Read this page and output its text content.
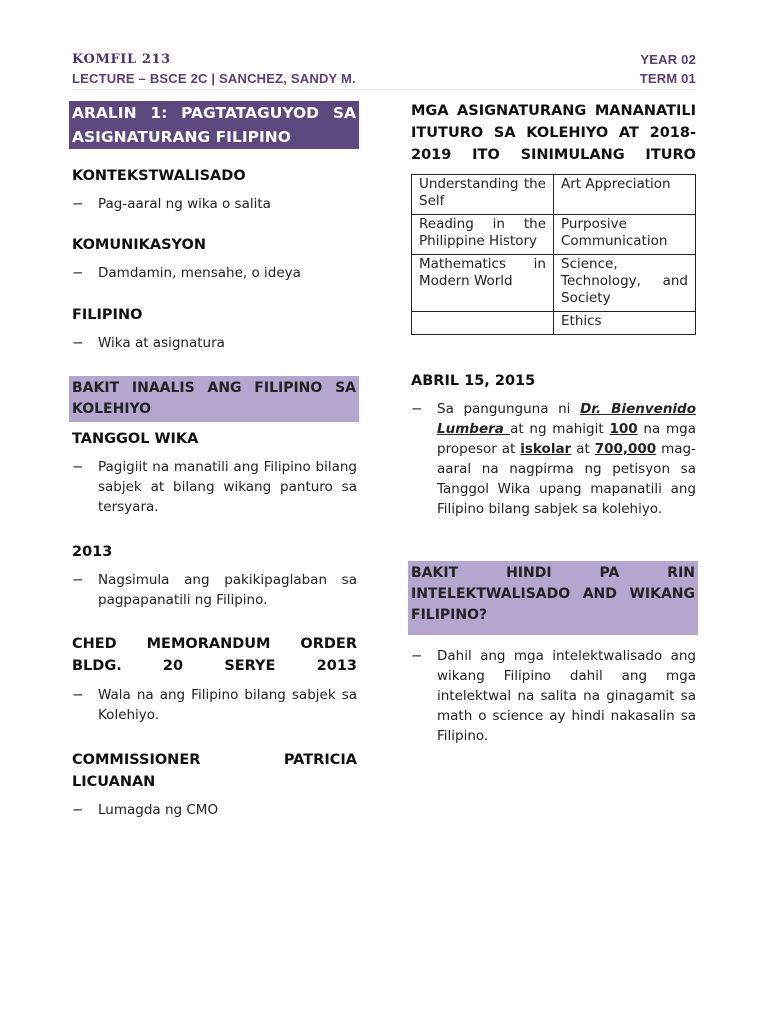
KOMFIL 213	YEAR 02
LECTURE – BSCE 2C | SANCHEZ, SANDY M.	TERM 01
ARALIN 1: PAGTATAGUYOD SA
ASIGNATURANG FILIPINO
KONTEKSTWALISADO
− Pag-aaral ng wika o salita
KOMUNIKASYON
− Damdamin, mensahe, o ideya
FILIPINO
− Wika at asignatura
BAKIT INAALIS ANG FILIPINO SA
KOLEHIYO
TANGGOL WIKA
− Pagigiit na manatili ang Filipino bilang sabjek at bilang wikang panturo sa tersyara.
2013
− Nagsimula ang pakikipaglaban sa pagpapanatili ng Filipino.
CHED MEMORANDUM ORDER BLDG. 20 SERYE 2013
− Wala na ang Filipino bilang sabjek sa Kolehiyo.
COMMISSIONER PATRICIA
LICUANAN
− Lumagda ng CMO
MGA ASIGNATURANG MANANATILI ITUTURO SA KOLEHIYO AT 2018-2019 ITO SINIMULANG ITURO
Understanding the Self	Art Appreciation
Reading in the Philippine History	Purposive Communication
Mathematics in Modern World	Science, Technology, and Society
	Ethics
ABRIL 15, 2015
− Sa pangunguna ni Dr. Bienvenido Lumbera at ng mahigit 100 na mga propesor at iskolar at 700,000 mag-aaral na nagpirma ng petisyon sa Tanggol Wika upang mapanatili ang Filipino bilang sabjek sa kolehiyo.
BAKIT HINDI PA RIN INTELEKTWALISADO AND WIKANG FILIPINO?
− Dahil ang mga intelektwalisado ang wikang Filipino dahil ang mga intelektwal na salita na ginagamit sa math o science ay hindi nakasalin sa Filipino.
